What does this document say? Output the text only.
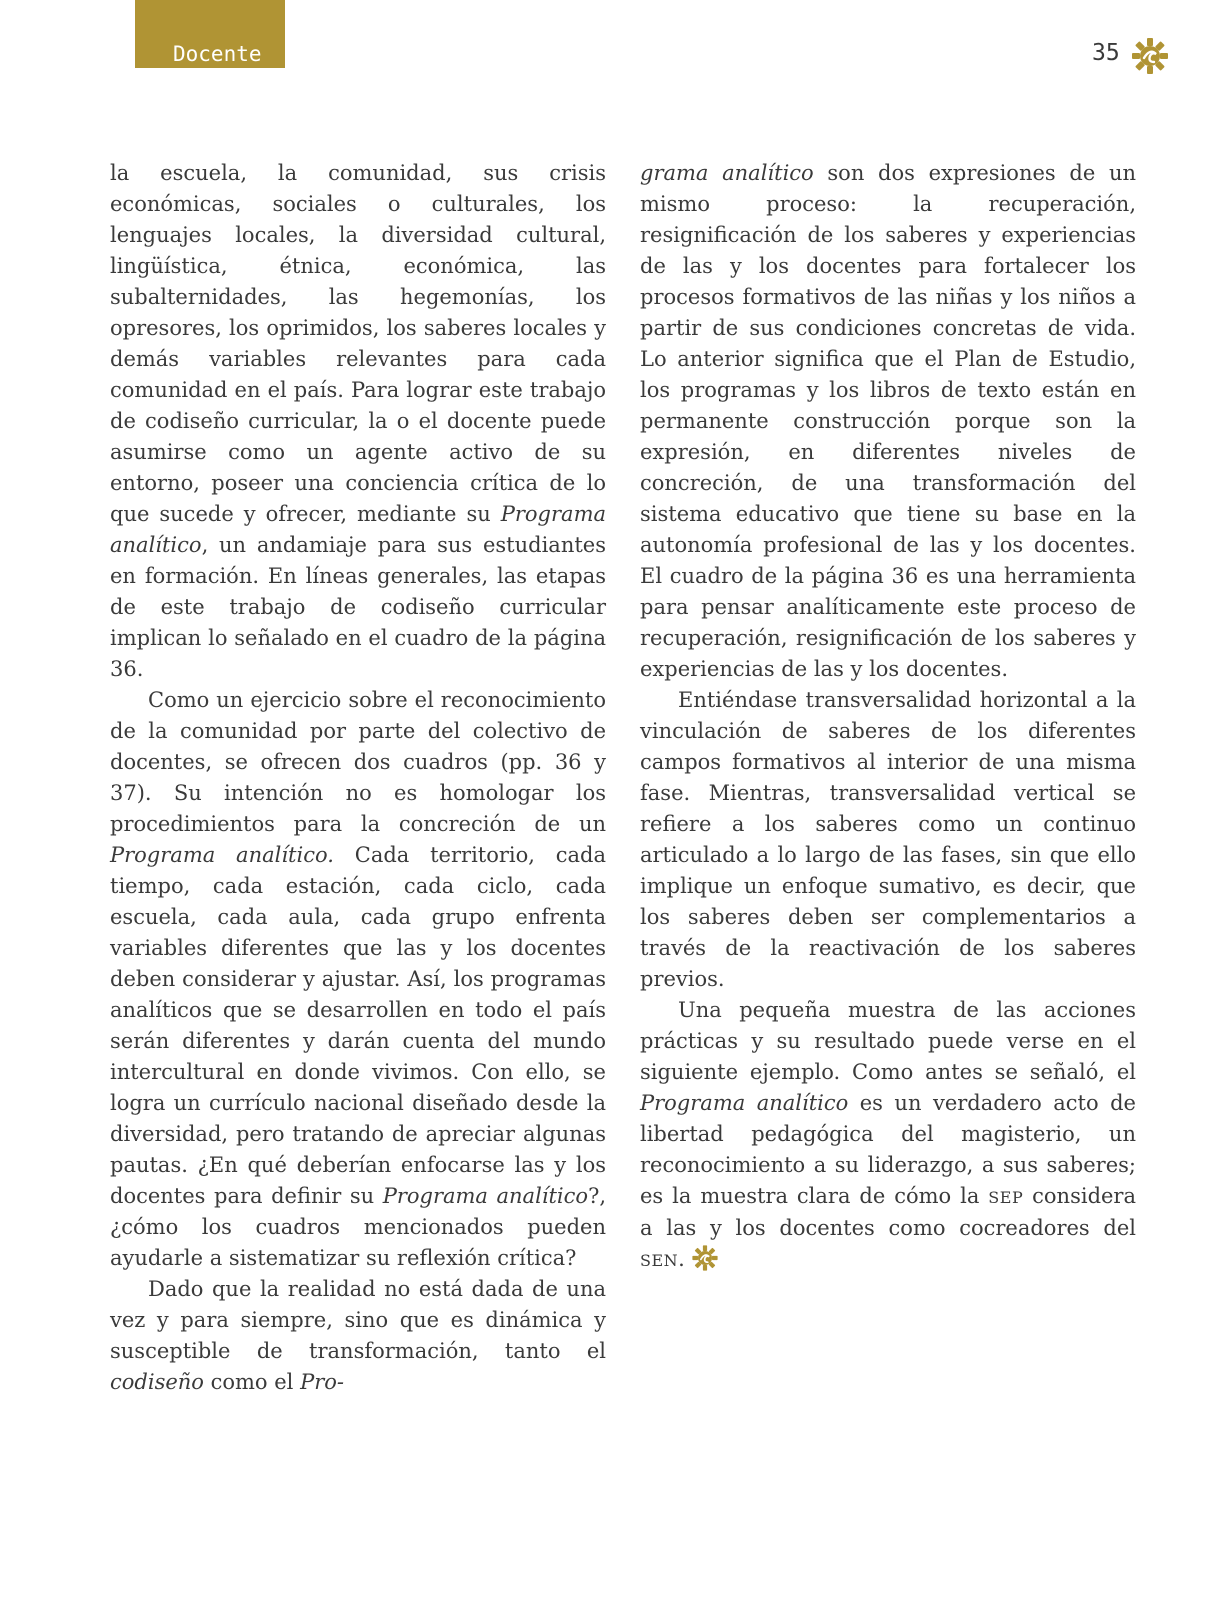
Docente	35

la escuela, la comunidad, sus crisis económicas, sociales o culturales, los lenguajes locales, la diversidad cultural, lingüística, étnica, económica, las subalternidades, las hegemonías, los opresores, los oprimidos, los saberes locales y demás variables relevantes para cada comunidad en el país. Para lograr este trabajo de codiseño curricular, la o el docente puede asumirse como un agente activo de su entorno, poseer una conciencia crítica de lo que sucede y ofrecer, mediante su Programa analítico, un andamiaje para sus estudiantes en formación. En líneas generales, las etapas de este trabajo de codiseño curricular implican lo señalado en el cuadro de la página 36.

Como un ejercicio sobre el reconocimiento de la comunidad por parte del colectivo de docentes, se ofrecen dos cuadros (pp. 36 y 37). Su intención no es homologar los procedimientos para la concreción de un Programa analítico. Cada territorio, cada tiempo, cada estación, cada ciclo, cada escuela, cada aula, cada grupo enfrenta variables diferentes que las y los docentes deben considerar y ajustar. Así, los programas analíticos que se desarrollen en todo el país serán diferentes y darán cuenta del mundo intercultural en donde vivimos. Con ello, se logra un currículo nacional diseñado desde la diversidad, pero tratando de apreciar algunas pautas. ¿En qué deberían enfocarse las y los docentes para definir su Programa analítico?, ¿cómo los cuadros mencionados pueden ayudarle a sistematizar su reflexión crítica?

Dado que la realidad no está dada de una vez y para siempre, sino que es dinámica y susceptible de transformación, tanto el codiseño como el Pro-

grama analítico son dos expresiones de un mismo proceso: la recuperación, resignificación de los saberes y experiencias de las y los docentes para fortalecer los procesos formativos de las niñas y los niños a partir de sus condiciones concretas de vida. Lo anterior significa que el Plan de Estudio, los programas y los libros de texto están en permanente construcción porque son la expresión, en diferentes niveles de concreción, de una transformación del sistema educativo que tiene su base en la autonomía profesional de las y los docentes. El cuadro de la página 36 es una herramienta para pensar analíticamente este proceso de recuperación, resignificación de los saberes y experiencias de las y los docentes.

Entiéndase transversalidad horizontal a la vinculación de saberes de los diferentes campos formativos al interior de una misma fase. Mientras, transversalidad vertical se refiere a los saberes como un continuo articulado a lo largo de las fases, sin que ello implique un enfoque sumativo, es decir, que los saberes deben ser complementarios a través de la reactivación de los saberes previos.

Una pequeña muestra de las acciones prácticas y su resultado puede verse en el siguiente ejemplo. Como antes se señaló, el Programa analítico es un verdadero acto de libertad pedagógica del magisterio, un reconocimiento a su liderazgo, a sus saberes; es la muestra clara de cómo la SEP considera a las y los docentes como cocreadores del SEN.
